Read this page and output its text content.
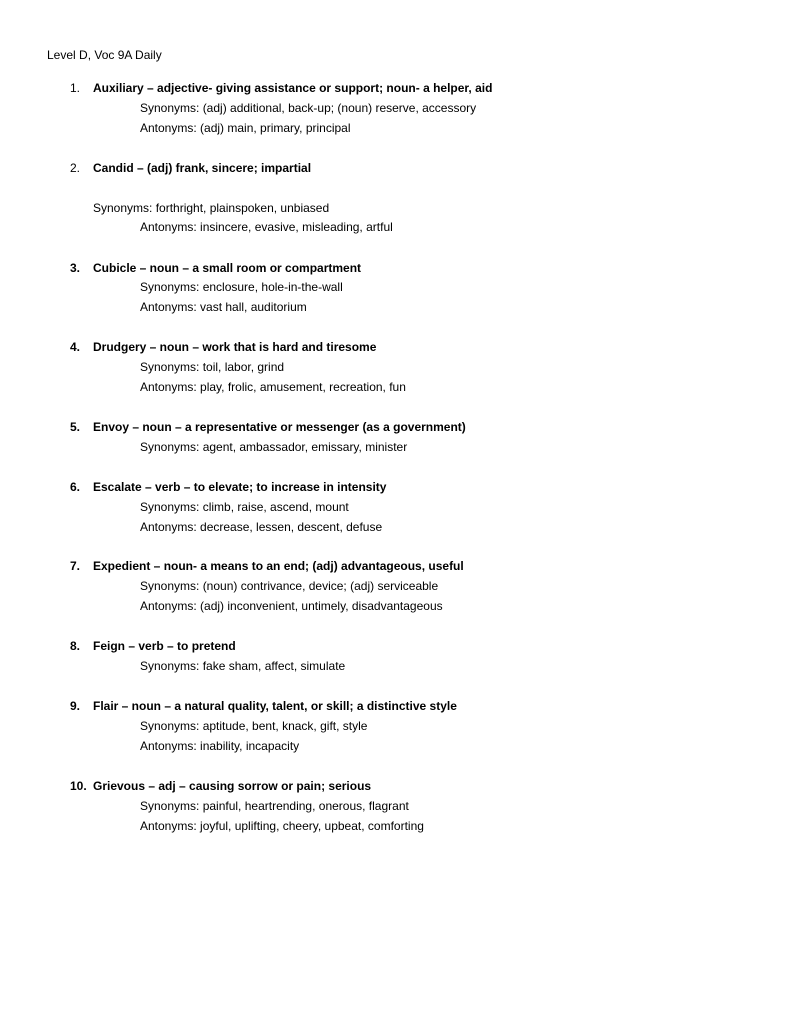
Level D, Voc 9A Daily
1. Auxiliary – adjective- giving assistance or support; noun- a helper, aid
Synonyms: (adj) additional, back-up; (noun) reserve, accessory
Antonyms: (adj) main, primary, principal
2. Candid – (adj) frank, sincere; impartial
Synonyms: forthright, plainspoken, unbiased
Antonyms: insincere, evasive, misleading, artful
3. Cubicle – noun – a small room or compartment
Synonyms: enclosure, hole-in-the-wall
Antonyms: vast hall, auditorium
4. Drudgery – noun – work that is hard and tiresome
Synonyms: toil, labor, grind
Antonyms: play, frolic, amusement, recreation, fun
5. Envoy – noun – a representative or messenger (as a government)
Synonyms: agent, ambassador, emissary, minister
6. Escalate – verb – to elevate; to increase in intensity
Synonyms: climb, raise, ascend, mount
Antonyms: decrease, lessen, descent, defuse
7. Expedient – noun- a means to an end; (adj) advantageous, useful
Synonyms: (noun) contrivance, device; (adj) serviceable
Antonyms: (adj) inconvenient, untimely, disadvantageous
8. Feign – verb – to pretend
Synonyms: fake sham, affect, simulate
9. Flair – noun – a natural quality, talent, or skill; a distinctive style
Synonyms: aptitude, bent, knack, gift, style
Antonyms: inability, incapacity
10. Grievous – adj – causing sorrow or pain; serious
Synonyms: painful, heartrending, onerous, flagrant
Antonyms: joyful, uplifting, cheery, upbeat, comforting
